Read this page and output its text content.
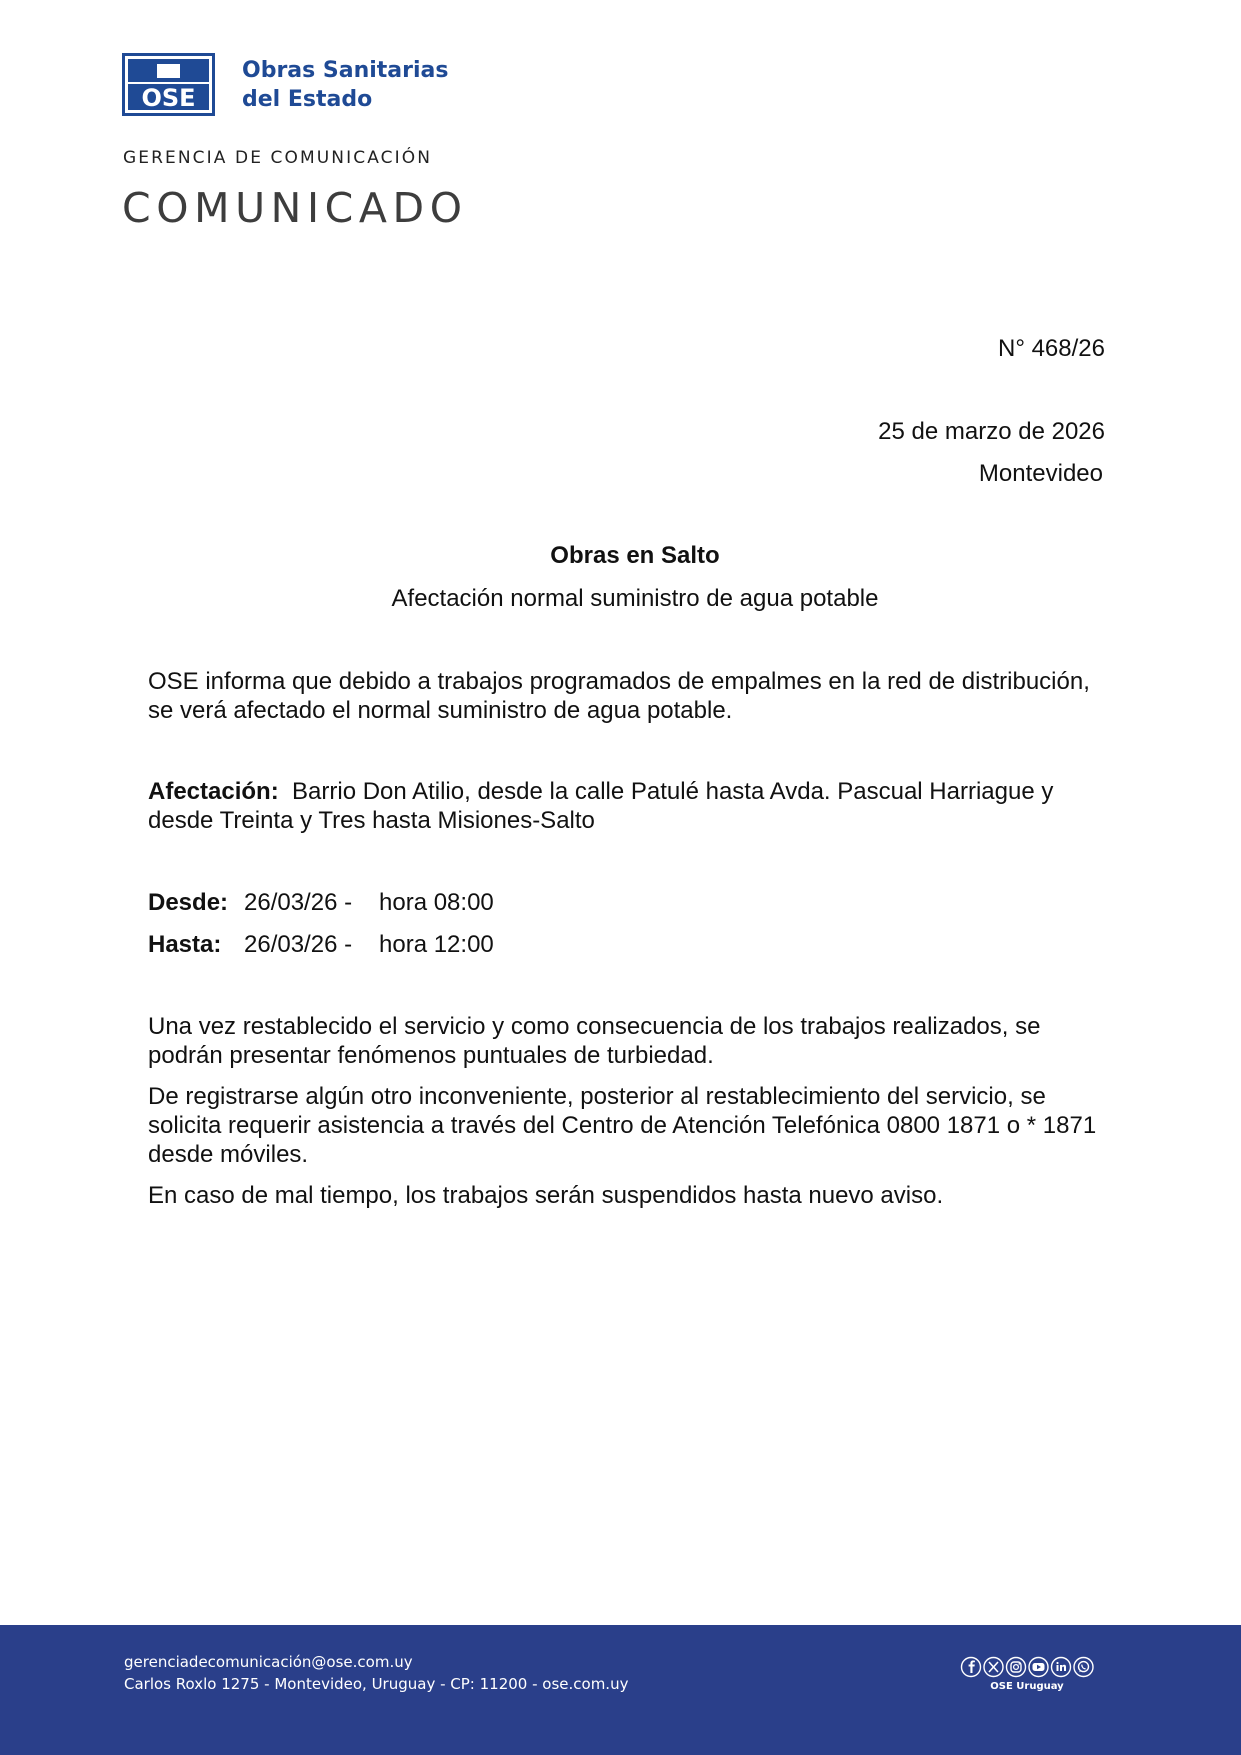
OSE
Obras Sanitarias
del Estado
GERENCIA DE COMUNICACIÓN
COMUNICADO
N° 468/26
25 de marzo de 2026
Montevideo
Obras en Salto
Afectación normal suministro de agua potable
OSE informa que debido a trabajos programados de empalmes en la red de distribución, se verá afectado el normal suministro de agua potable.
Afectación: Barrio Don Atilio, desde la calle Patulé hasta Avda. Pascual Harriague y desde Treinta y Tres hasta Misiones-Salto
Desde: 26/03/26 - hora 08:00
Hasta: 26/03/26 - hora 12:00
Una vez restablecido el servicio y como consecuencia de los trabajos realizados, se podrán presentar fenómenos puntuales de turbiedad.
De registrarse algún otro inconveniente, posterior al restablecimiento del servicio, se solicita requerir asistencia a través del Centro de Atención Telefónica 0800 1871 o * 1871 desde móviles.
En caso de mal tiempo, los trabajos serán suspendidos hasta nuevo aviso.
gerenciadecomunicación@ose.com.uy
Carlos Roxlo 1275 - Montevideo, Uruguay - CP: 11200 - ose.com.uy	OSE Uruguay
